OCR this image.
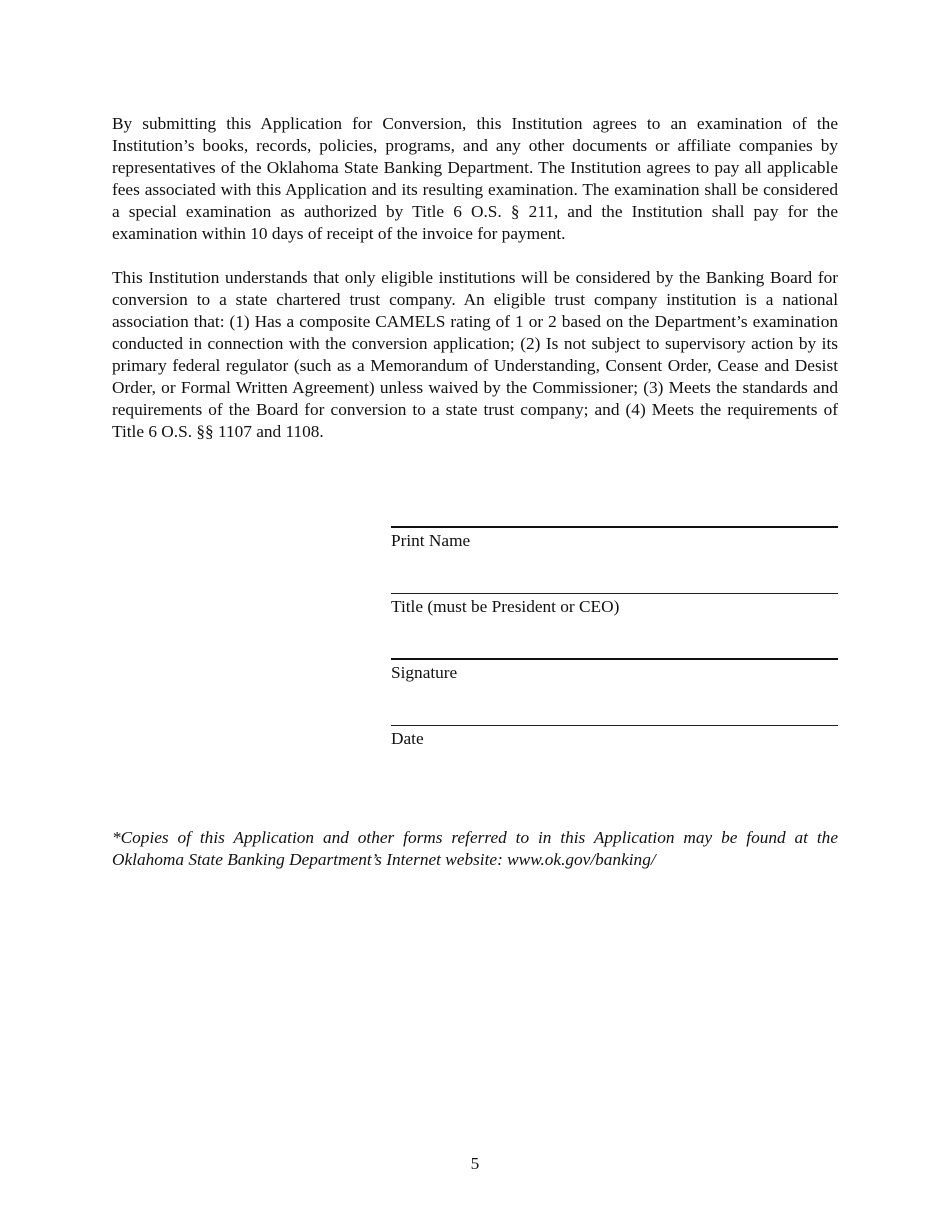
By submitting this Application for Conversion, this Institution agrees to an examination of the Institution’s books, records, policies, programs, and any other documents or affiliate companies by representatives of the Oklahoma State Banking Department. The Institution agrees to pay all applicable fees associated with this Application and its resulting examination. The examination shall be considered a special examination as authorized by Title 6 O.S. § 211, and the Institution shall pay for the examination within 10 days of receipt of the invoice for payment.

This Institution understands that only eligible institutions will be considered by the Banking Board for conversion to a state chartered trust company. An eligible trust company institution is a national association that: (1) Has a composite CAMELS rating of 1 or 2 based on the Department’s examination conducted in connection with the conversion application; (2) Is not subject to supervisory action by its primary federal regulator (such as a Memorandum of Understanding, Consent Order, Cease and Desist Order, or Formal Written Agreement) unless waived by the Commissioner; (3) Meets the standards and requirements of the Board for conversion to a state trust company; and (4) Meets the requirements of Title 6 O.S. §§ 1107 and 1108.

Print Name
Title (must be President or CEO)
Signature
Date

*Copies of this Application and other forms referred to in this Application may be found at the Oklahoma State Banking Department’s Internet website: www.ok.gov/banking/

5
